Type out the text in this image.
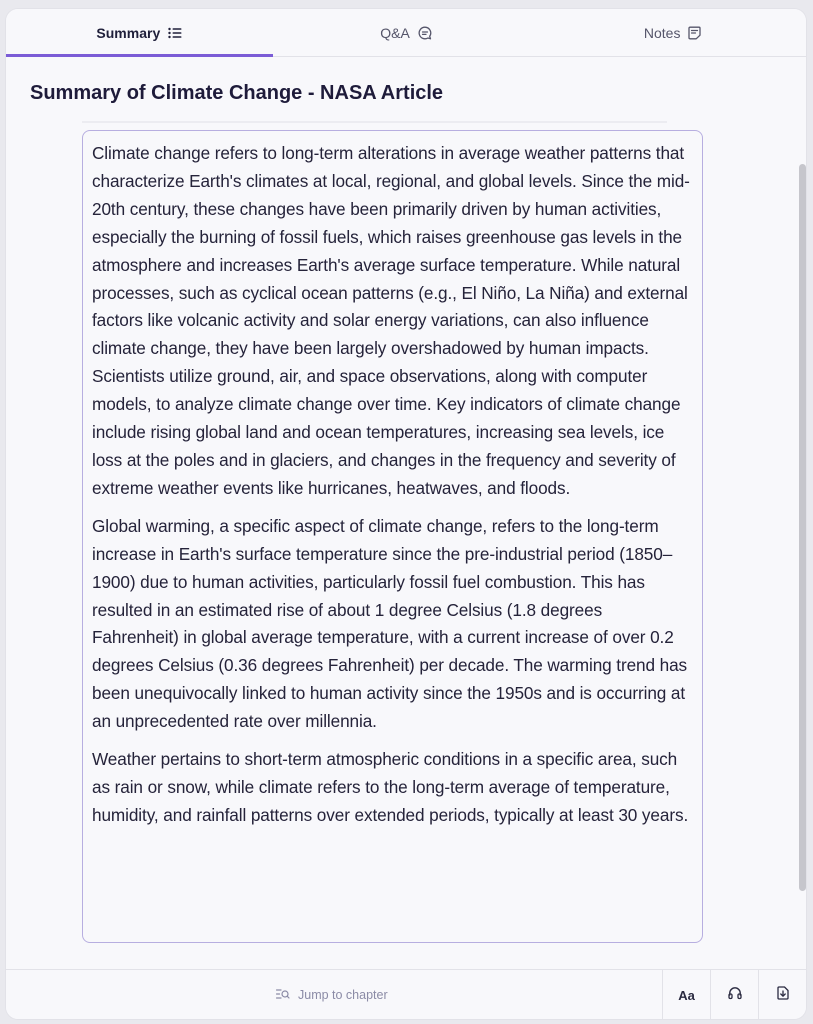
Summary	Q&A	Notes
Summary of Climate Change - NASA Article

Climate change refers to long-term alterations in average weather patterns that characterize Earth's climates at local, regional, and global levels. Since the mid-20th century, these changes have been primarily driven by human activities, especially the burning of fossil fuels, which raises greenhouse gas levels in the atmosphere and increases Earth's average surface temperature. While natural processes, such as cyclical ocean patterns (e.g., El Niño, La Niña) and external factors like volcanic activity and solar energy variations, can also influence climate change, they have been largely overshadowed by human impacts. Scientists utilize ground, air, and space observations, along with computer models, to analyze climate change over time. Key indicators of climate change include rising global land and ocean temperatures, increasing sea levels, ice loss at the poles and in glaciers, and changes in the frequency and severity of extreme weather events like hurricanes, heatwaves, and floods.

Global warming, a specific aspect of climate change, refers to the long-term increase in Earth's surface temperature since the pre-industrial period (1850–1900) due to human activities, particularly fossil fuel combustion. This has resulted in an estimated rise of about 1 degree Celsius (1.8 degrees Fahrenheit) in global average temperature, with a current increase of over 0.2 degrees Celsius (0.36 degrees Fahrenheit) per decade. The warming trend has been unequivocally linked to human activity since the 1950s and is occurring at an unprecedented rate over millennia.

Weather pertains to short-term atmospheric conditions in a specific area, such as rain or snow, while climate refers to the long-term average of temperature, humidity, and rainfall patterns over extended periods, typically at least 30 years.

Jump to chapter	Aa
